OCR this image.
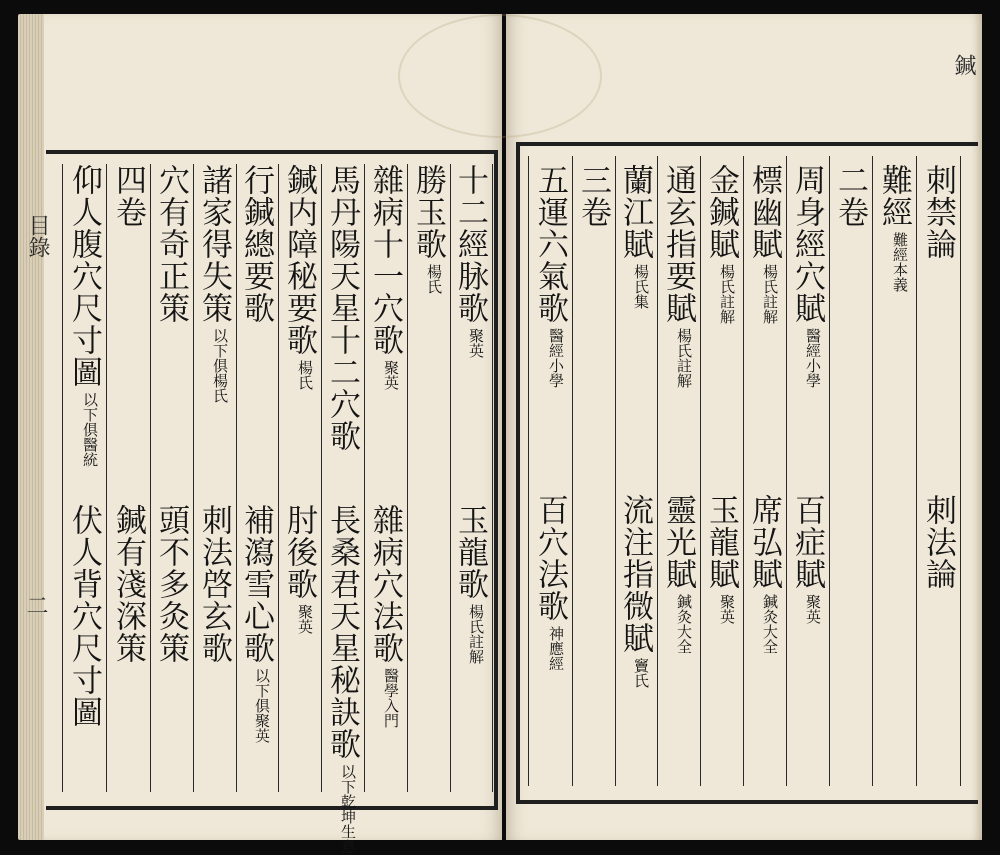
目錄
二
鍼
十二經脉歌
聚英
玉龍歌
楊氏註解
勝玉歌
楊氏
雜病十一穴歌
聚英
雜病穴法歌
醫學入門
馬丹陽天星十二穴歌
長桑君天星秘訣歌
以下乾坤生意
鍼内障秘要歌
楊氏
肘後歌
聚英
行鍼總要歌
補瀉雪心歌
以下俱聚英
諸家得失策
以下俱楊氏
刺法啓玄歌
穴有奇正策
頭不多灸策
四卷
鍼有淺深策
仰人腹穴尺寸圖
以下俱醫統
伏人背穴尺寸圖
刺禁論
刺法論
難經
難經本義
二卷
周身經穴賦
醫經小學
百症賦
聚英
標幽賦
楊氏註解
席弘賦
鍼灸大全
金鍼賦
楊氏註解
玉龍賦
聚英
通玄指要賦
楊氏註解
靈光賦
鍼灸大全
蘭江賦
楊氏集
流注指微賦
竇氏
三卷
五運六氣歌
醫經小學
百穴法歌
神應經
